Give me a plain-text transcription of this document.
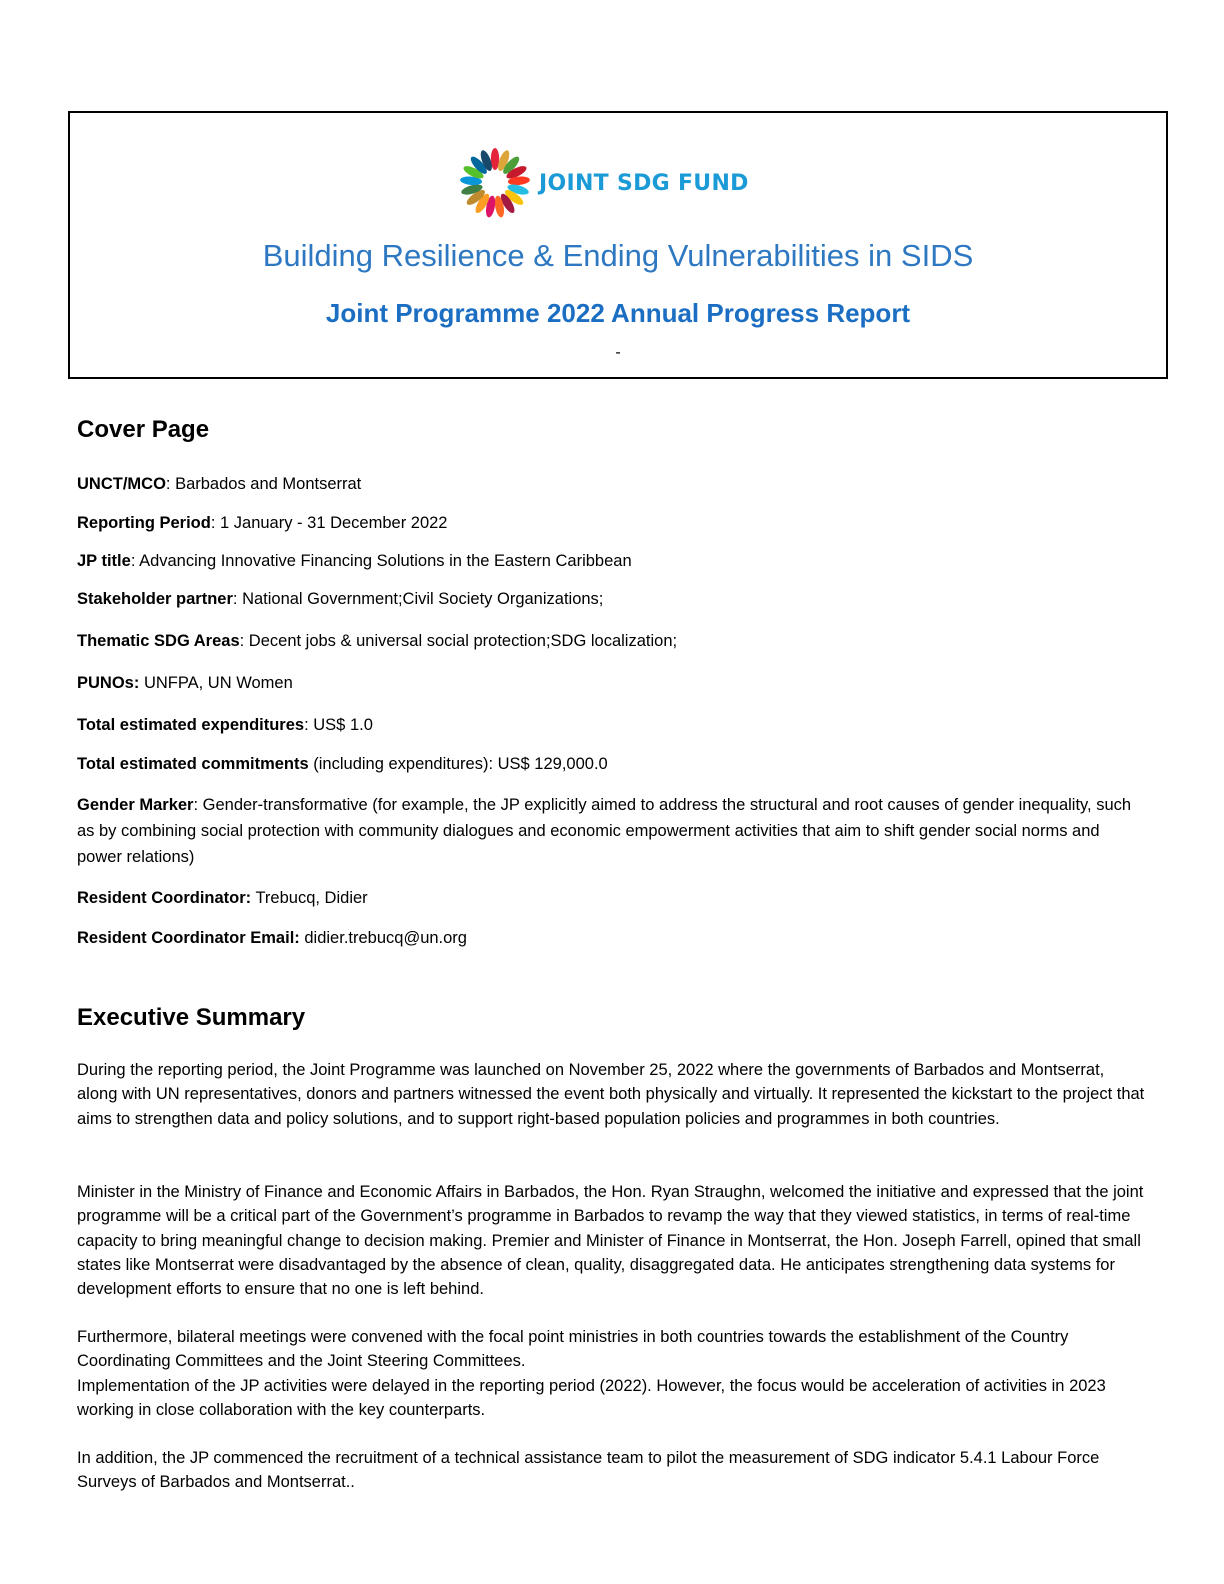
JOINT SDG FUND
Building Resilience & Ending Vulnerabilities in SIDS
Joint Programme 2022 Annual Progress Report
-
Cover Page
UNCT/MCO: Barbados and Montserrat
Reporting Period: 1 January - 31 December 2022
JP title: Advancing Innovative Financing Solutions in the Eastern Caribbean
Stakeholder partner: National Government;Civil Society Organizations;
Thematic SDG Areas: Decent jobs & universal social protection;SDG localization;
PUNOs: UNFPA, UN Women
Total estimated expenditures: US$ 1.0
Total estimated commitments (including expenditures): US$ 129,000.0
Gender Marker: Gender-transformative (for example, the JP explicitly aimed to address the structural and root causes of gender inequality, such as by combining social protection with community dialogues and economic empowerment activities that aim to shift gender social norms and power relations)
Resident Coordinator: Trebucq, Didier
Resident Coordinator Email: didier.trebucq@un.org
Executive Summary

During the reporting period, the Joint Programme was launched on November 25, 2022 where the governments of Barbados and Montserrat, along with UN representatives, donors and partners witnessed the event both physically and virtually. It represented the kickstart to the project that aims to strengthen data and policy solutions, and to support right-based population policies and programmes in both countries.

Minister in the Ministry of Finance and Economic Affairs in Barbados, the Hon. Ryan Straughn, welcomed the initiative and expressed that the joint programme will be a critical part of the Government’s programme in Barbados to revamp the way that they viewed statistics, in terms of real-time capacity to bring meaningful change to decision making. Premier and Minister of Finance in Montserrat, the Hon. Joseph Farrell, opined that small states like Montserrat were disadvantaged by the absence of clean, quality, disaggregated data. He anticipates strengthening data systems for development efforts to ensure that no one is left behind.

Furthermore, bilateral meetings were convened with the focal point ministries in both countries towards the establishment of the Country Coordinating Committees and the Joint Steering Committees.

Implementation of the JP activities were delayed in the reporting period (2022). However, the focus would be acceleration of activities in 2023 working in close collaboration with the key counterparts.

In addition, the JP commenced the recruitment of a technical assistance team to pilot the measurement of SDG indicator 5.4.1 Labour Force Surveys of Barbados and Montserrat..
